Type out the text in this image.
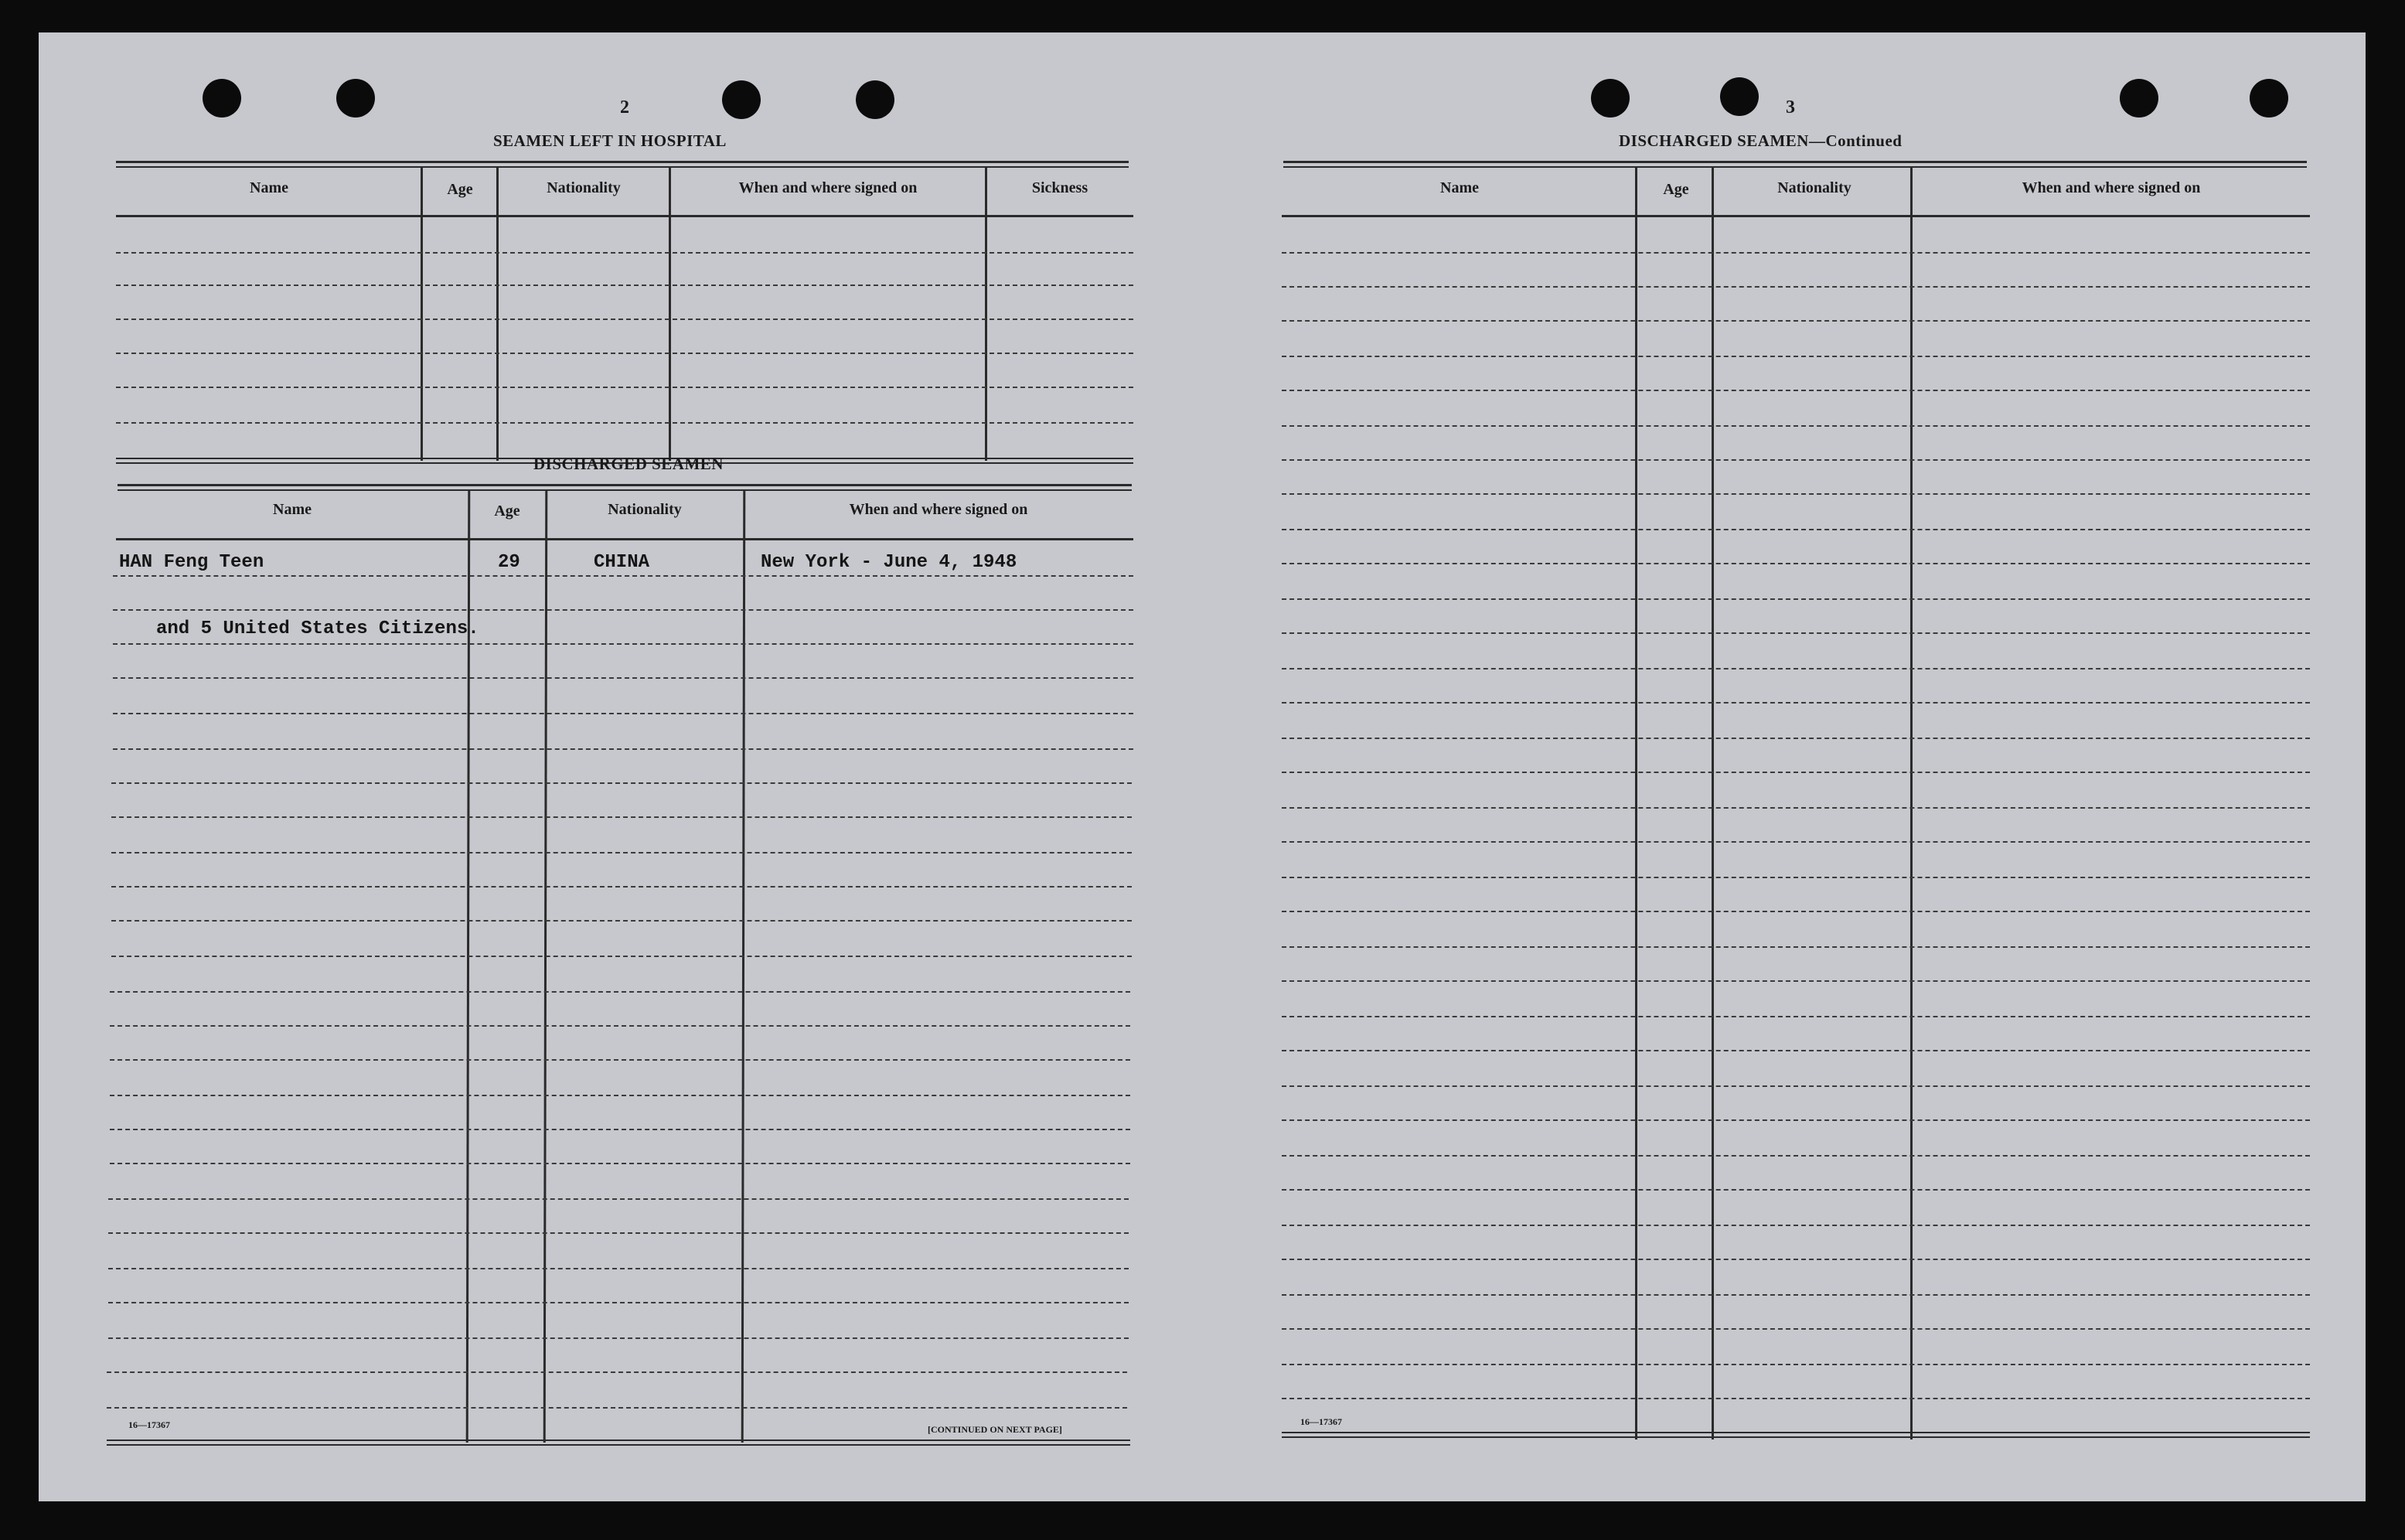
2
SEAMEN LEFT IN HOSPITAL
Name	Age	Nationality	When and where signed on	Sickness
DISCHARGED SEAMEN
Name	Age	Nationality	When and where signed on
HAN Feng Teen	29	CHINA	New York - June 4, 1948
and 5 United States Citizens.
16—17367	[CONTINUED ON NEXT PAGE]
3
DISCHARGED SEAMEN—Continued
Name	Age	Nationality	When and where signed on
16—17367
